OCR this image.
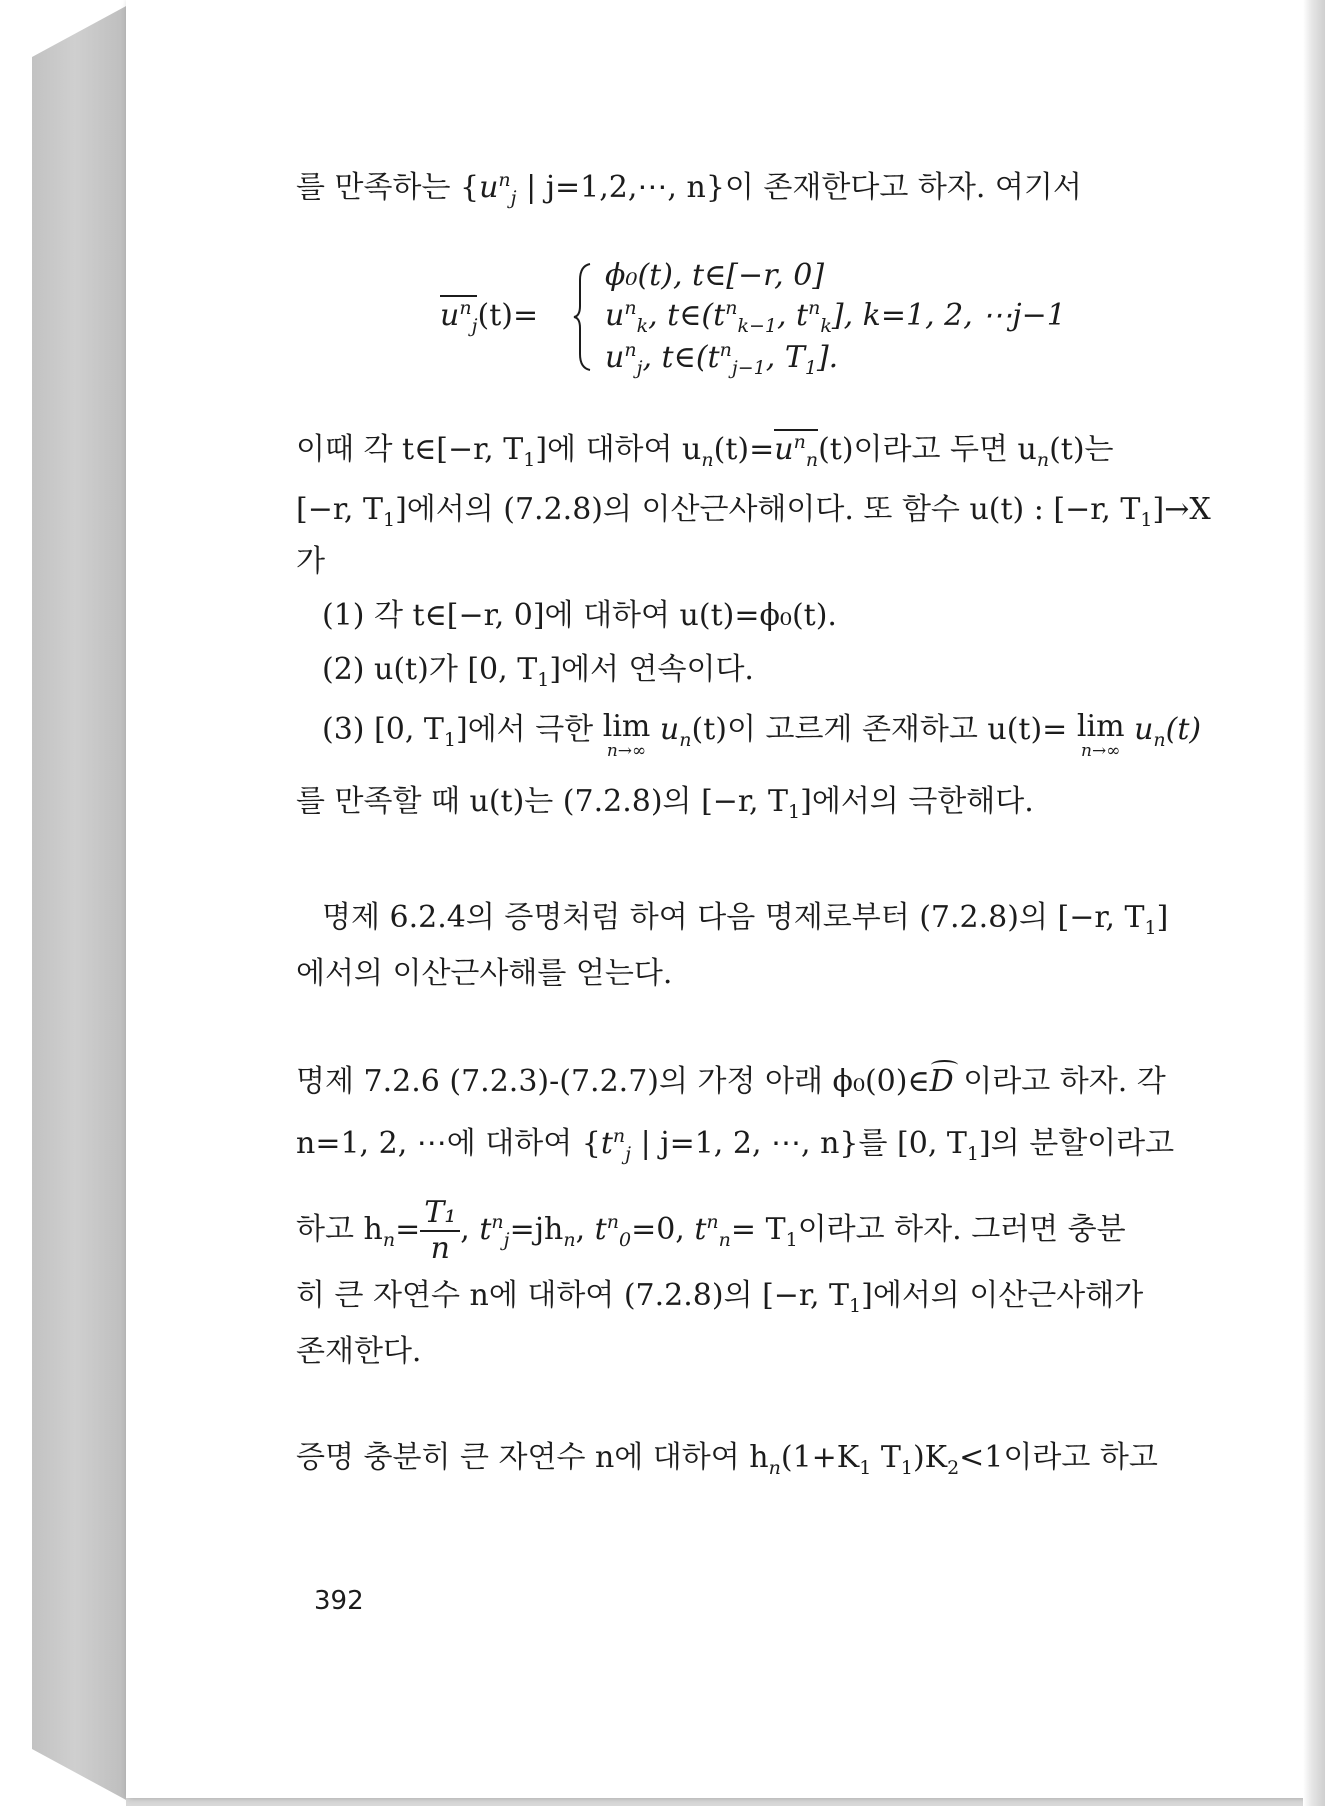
를 만족하는 {$u^n_j$ | j=1,2,⋯, n}이 존재한다고 하자. 여기서
$u^n_j(t)=$
ϕ₀(t), t∈[−r, 0]
$u^n_k$, $t\in(t^n_{k-1}$, $t^n_k$], k=1, 2, ⋯j−1
$u^n_j$, $t\in(t^n_{j-1}$, $T_1$].
이때 각 t∈[−r, $T_1$]에 대하여 $u_n(t)=u^n_n(t)$이라고 두면 $u_n(t)$는
[−r, $T_1$]에서의 (7.2.8)의 이산근사해이다. 또 함수 u(t) : [−r, $T_1]\to X$
가
(1) 각 t∈[−r, 0]에 대하여 u(t)=ϕ₀(t).
(2) u(t)가 [0, $T_1$]에서 연속이다.
(3) [0, $T_1$]에서 극한 lim
n→∞
$u_n(t)$이 고르게 존재하고 u(t)= lim
n→∞
$u_n(t)$
를 만족할 때 u(t)는 (7.2.8)의 [−r, $T_1$]에서의 극한해다.
명제 6.2.4의 증명처럼 하여 다음 명제로부터 (7.2.8)의 [−r, $T_1$]
에서의 이산근사해를 얻는다.
명제 7.2.6 (7.2.3)-(7.2.7)의 가정 아래 ϕ₀(0)∈D 이라고 하자. 각
n=1, 2, ⋯에 대하여 {$t^n_j$ | j=1, 2, ⋯, n}를 [0, $T_1$]의 분할이라고
하고 $h_n= \frac{\text{T₁}}{n}$ , $t^n_j=jh_n$, $t^n_0=0$, $t^n_n= T_1$이라고 하자. 그러면 충분
히 큰 자연수 n에 대하여 (7.2.8)의 [−r, $T_1$]에서의 이산근사해가
존재한다.
증명 충분히 큰 자연수 n에 대하여 $h_n(1+K_1$ $T_1)K_2<1$이라고 하고
392
